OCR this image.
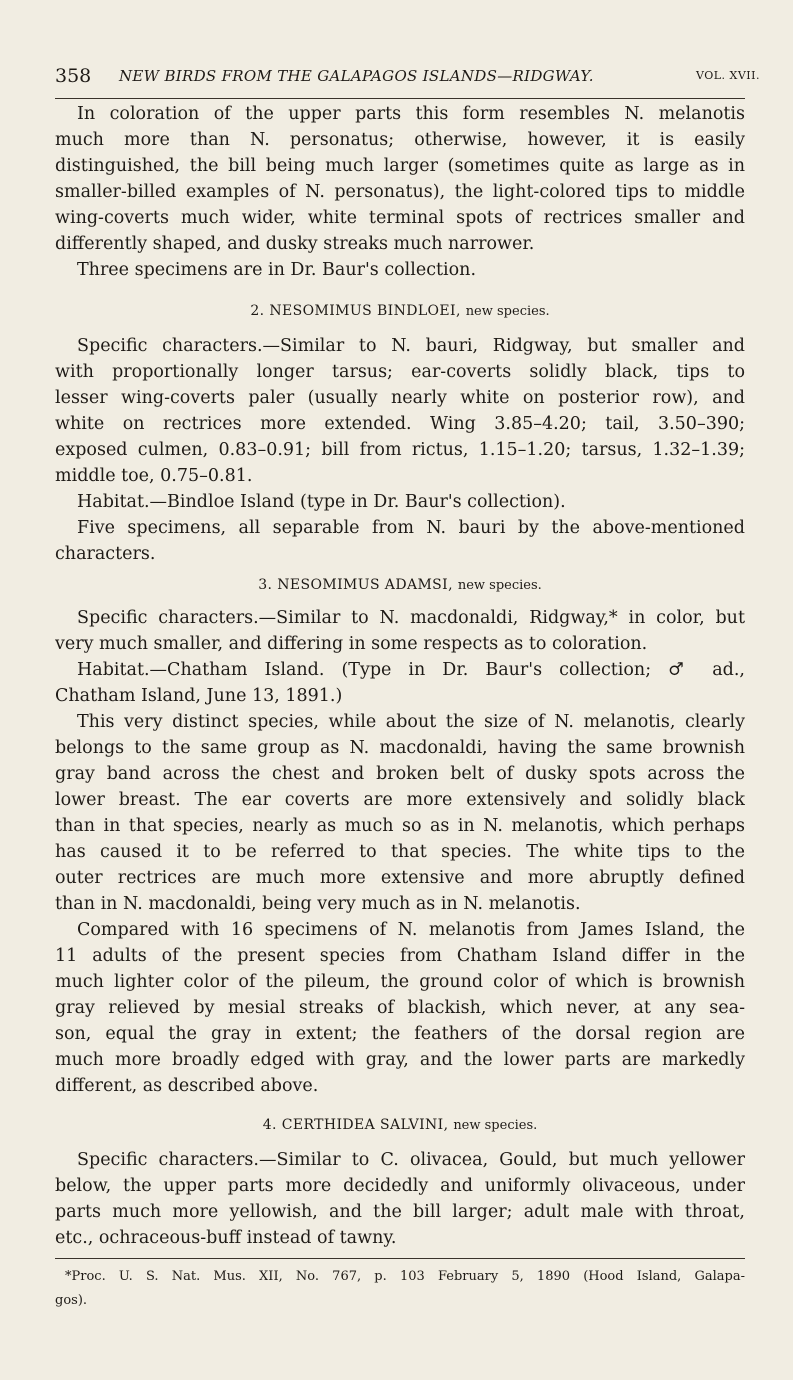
358 NEW BIRDS FROM THE GALAPAGOS ISLANDS—RIDGWAY.	VOL. XVII.

In coloration of the upper parts this form resembles N. melanotis

much more than N. personatus; otherwise, however, it is easily

distinguished, the bill being much larger (sometimes quite as large as in

smaller-billed examples of N. personatus), the light-colored tips to middle

wing-coverts much wider, white terminal spots of rectrices smaller and

differently shaped, and dusky streaks much narrower.

Three specimens are in Dr. Baur's collection.

2. NESOMIMUS BINDLOEI, new species.

Specific characters.—Similar to N. bauri, Ridgway, but smaller and

with proportionally longer tarsus; ear-coverts solidly black, tips to

lesser wing-coverts paler (usually nearly white on posterior row), and

white on rectrices more extended. Wing 3.85–4.20; tail, 3.50–390;

exposed culmen, 0.83–0.91; bill from rictus, 1.15–1.20; tarsus, 1.32–1.39;

middle toe, 0.75–0.81.

Habitat.—Bindloe Island (type in Dr. Baur's collection).

Five specimens, all separable from N. bauri by the above-mentioned

characters.

3. NESOMIMUS ADAMSI, new species.

Specific characters.—Similar to N. macdonaldi, Ridgway,* in color, but

very much smaller, and differing in some respects as to coloration.

Habitat.—Chatham Island. (Type in Dr. Baur's collection; ♂ ad.,

Chatham Island, June 13, 1891.)

This very distinct species, while about the size of N. melanotis, clearly

belongs to the same group as N. macdonaldi, having the same brownish

gray band across the chest and broken belt of dusky spots across the

lower breast. The ear coverts are more extensively and solidly black

than in that species, nearly as much so as in N. melanotis, which perhaps

has caused it to be referred to that species. The white tips to the

outer rectrices are much more extensive and more abruptly defined

than in N. macdonaldi, being very much as in N. melanotis.

Compared with 16 specimens of N. melanotis from James Island, the

11 adults of the present species from Chatham Island differ in the

much lighter color of the pileum, the ground color of which is brownish

gray relieved by mesial streaks of blackish, which never, at any sea-

son, equal the gray in extent; the feathers of the dorsal region are

much more broadly edged with gray, and the lower parts are markedly

different, as described above.

4. CERTHIDEA SALVINI, new species.

Specific characters.—Similar to C. olivacea, Gould, but much yellower

below, the upper parts more decidedly and uniformly olivaceous, under

parts much more yellowish, and the bill larger; adult male with throat,

etc., ochraceous-buff instead of tawny.

*Proc. U. S. Nat. Mus. XII, No. 767, p. 103 February 5, 1890 (Hood Island, Galapa-

gos).
